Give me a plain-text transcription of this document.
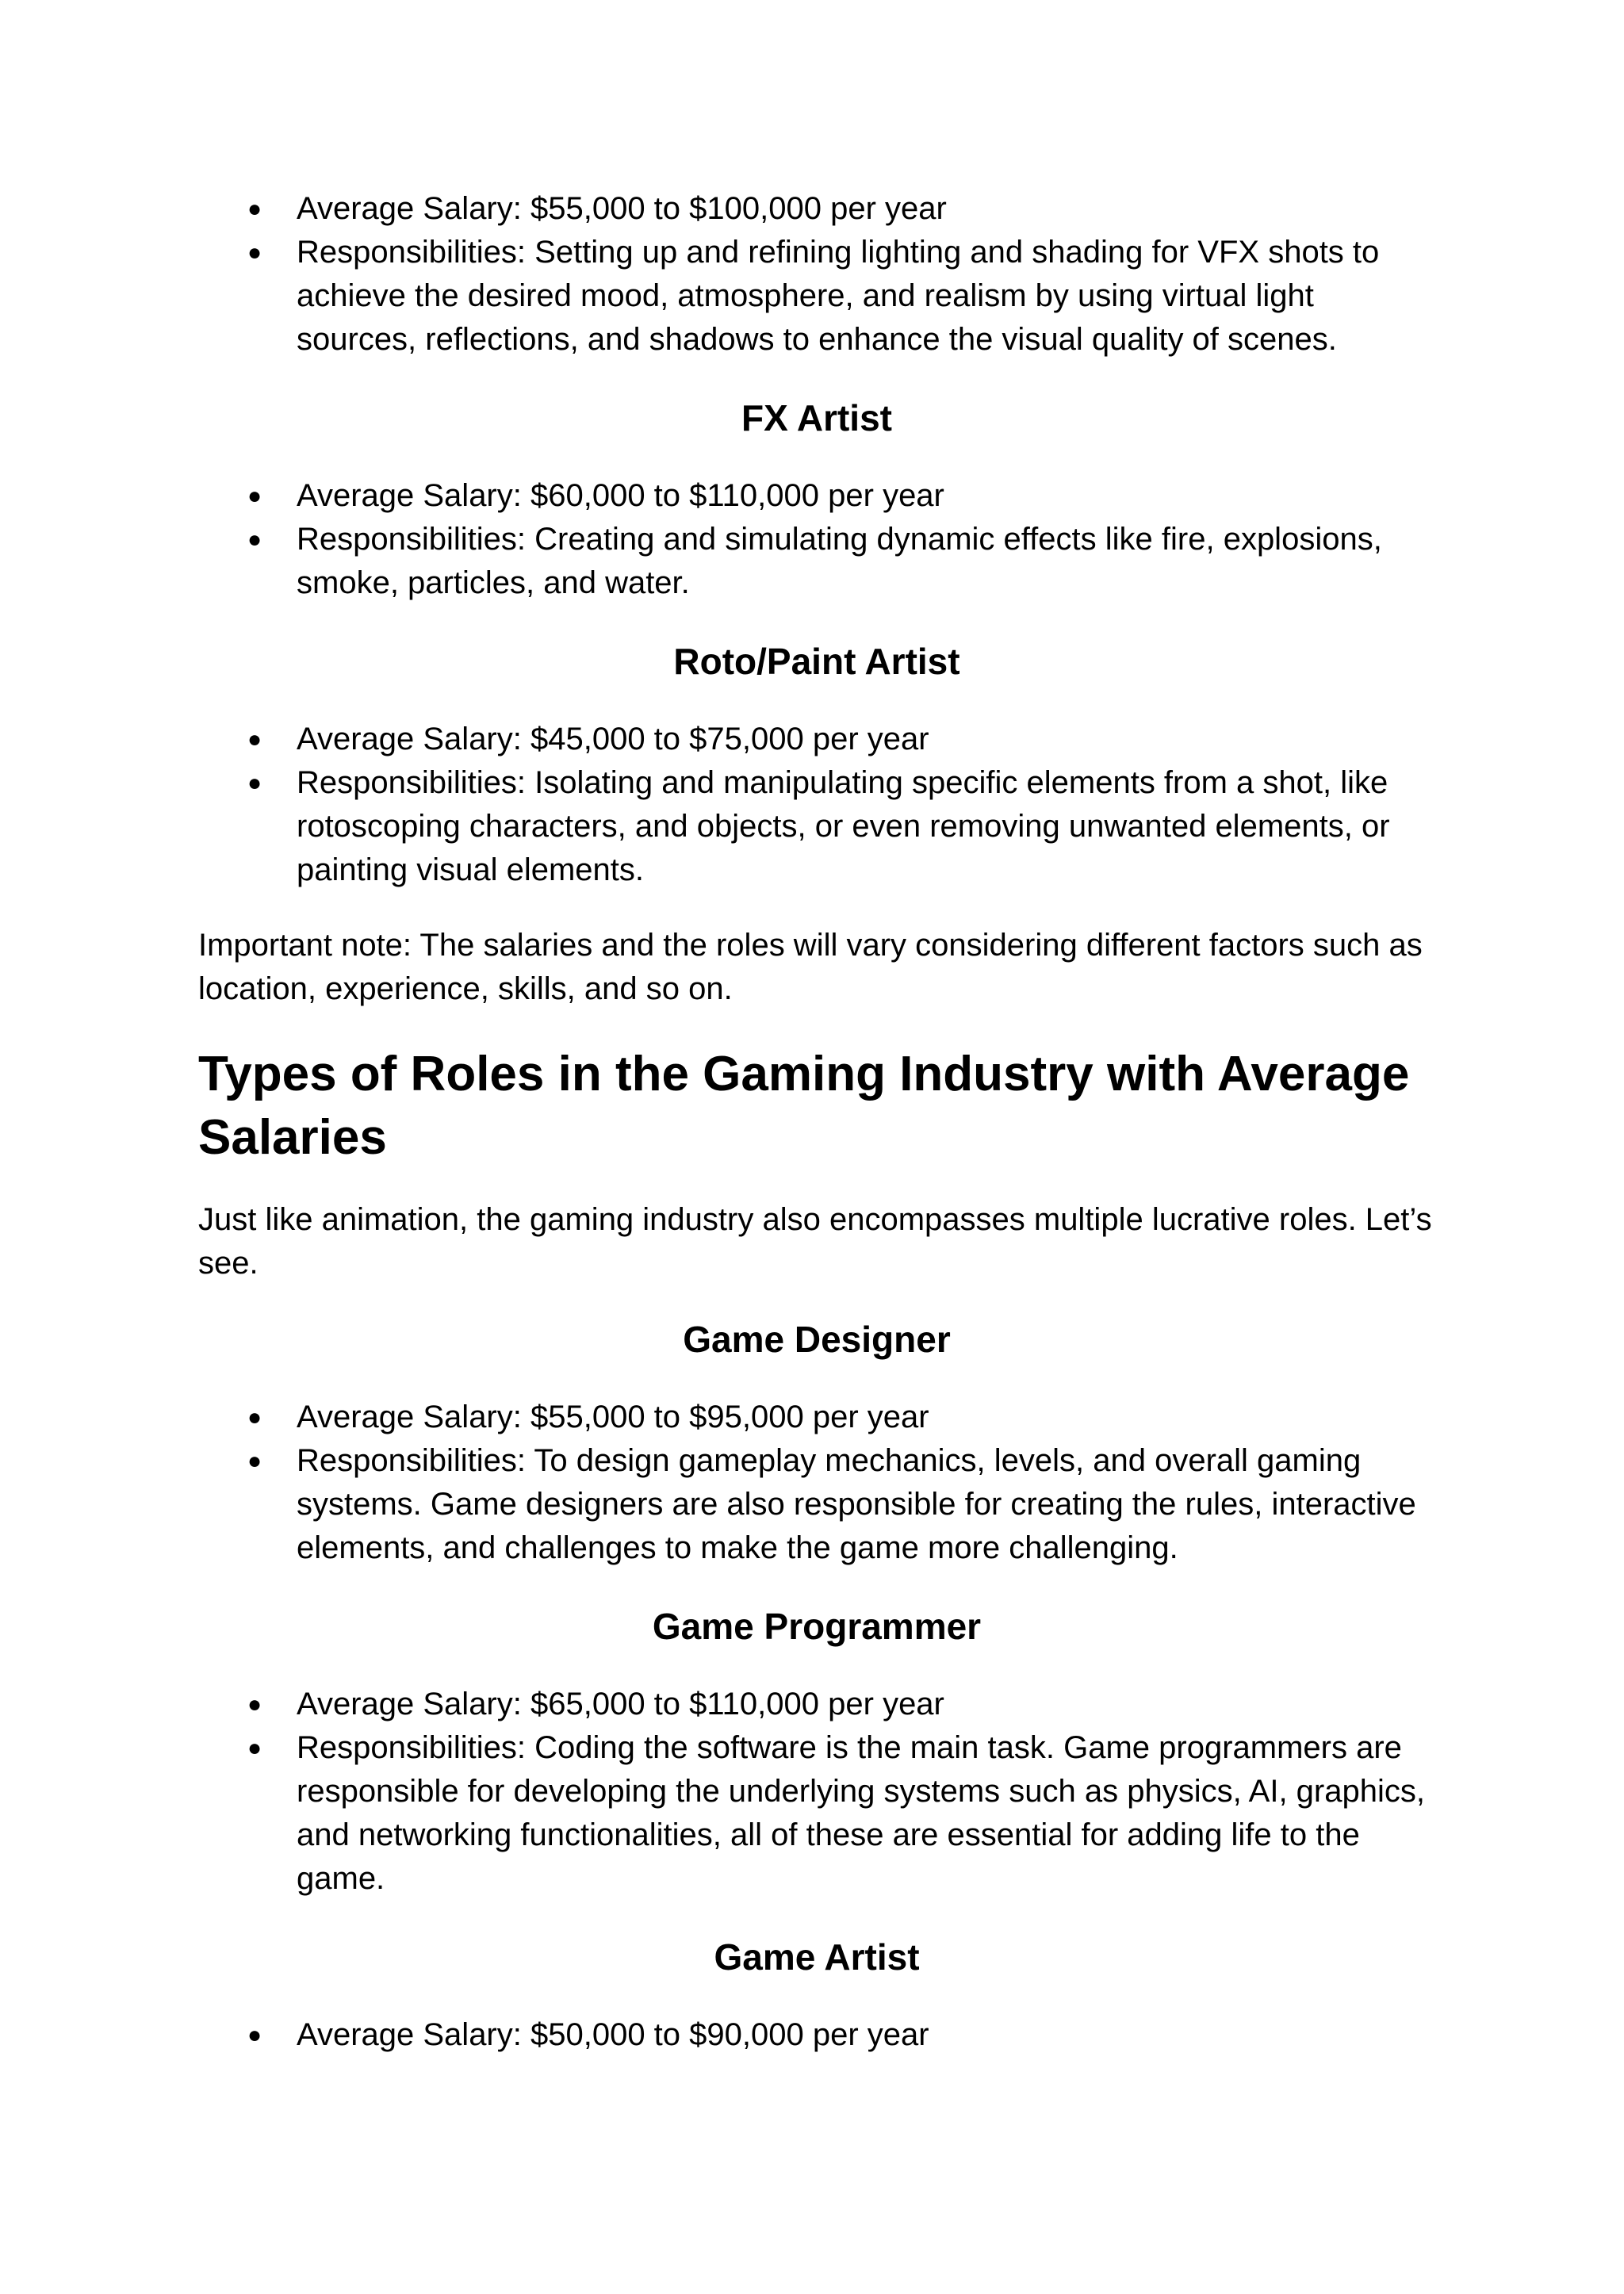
● Average Salary: $55,000 to $100,000 per year
● Responsibilities: Setting up and refining lighting and shading for VFX shots to achieve the desired mood, atmosphere, and realism by using virtual light sources, reflections, and shadows to enhance the visual quality of scenes.
FX Artist
● Average Salary: $60,000 to $110,000 per year
● Responsibilities: Creating and simulating dynamic effects like fire, explosions, smoke, particles, and water.
Roto/Paint Artist
● Average Salary: $45,000 to $75,000 per year
● Responsibilities: Isolating and manipulating specific elements from a shot, like rotoscoping characters, and objects, or even removing unwanted elements, or painting visual elements.

Important note: The salaries and the roles will vary considering different factors such as location, experience, skills, and so on.

Types of Roles in the Gaming Industry with Average Salaries

Just like animation, the gaming industry also encompasses multiple lucrative roles. Let’s see.

Game Designer
● Average Salary: $55,000 to $95,000 per year
● Responsibilities: To design gameplay mechanics, levels, and overall gaming systems. Game designers are also responsible for creating the rules, interactive elements, and challenges to make the game more challenging.
Game Programmer
● Average Salary: $65,000 to $110,000 per year
● Responsibilities: Coding the software is the main task. Game programmers are responsible for developing the underlying systems such as physics, AI, graphics, and networking functionalities, all of these are essential for adding life to the game.
Game Artist
● Average Salary: $50,000 to $90,000 per year
